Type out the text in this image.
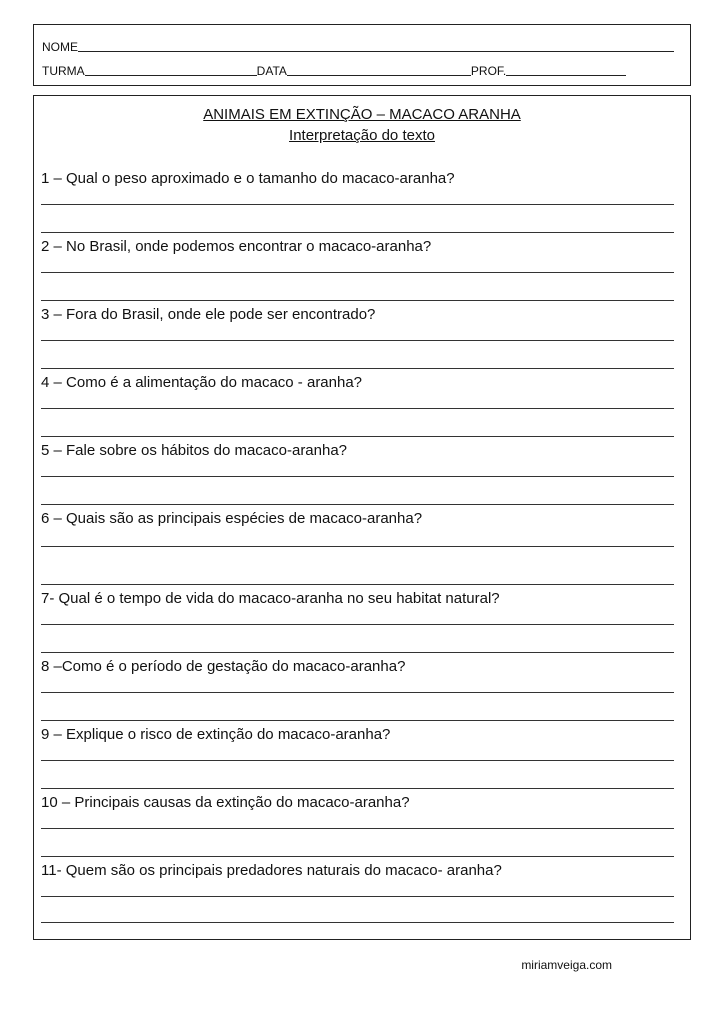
NOME
TURMA	DATA	PROF.
ANIMAIS EM EXTINÇÃO – MACACO ARANHA
Interpretação do texto
1 – Qual o peso aproximado e o tamanho do macaco-aranha?
2 – No Brasil, onde podemos encontrar o macaco-aranha?
3 – Fora do Brasil, onde ele pode ser encontrado?
4 – Como é a alimentação do macaco - aranha?
5 – Fale sobre os hábitos do macaco-aranha?
6 – Quais são as principais espécies de macaco-aranha?
7- Qual é o tempo de vida do macaco-aranha no seu habitat natural?
8 –Como é o período de gestação do macaco-aranha?
9 – Explique o risco de extinção do macaco-aranha?
10 – Principais causas da extinção do macaco-aranha?
11- Quem são os principais predadores naturais do macaco- aranha?
miriamveiga.com
